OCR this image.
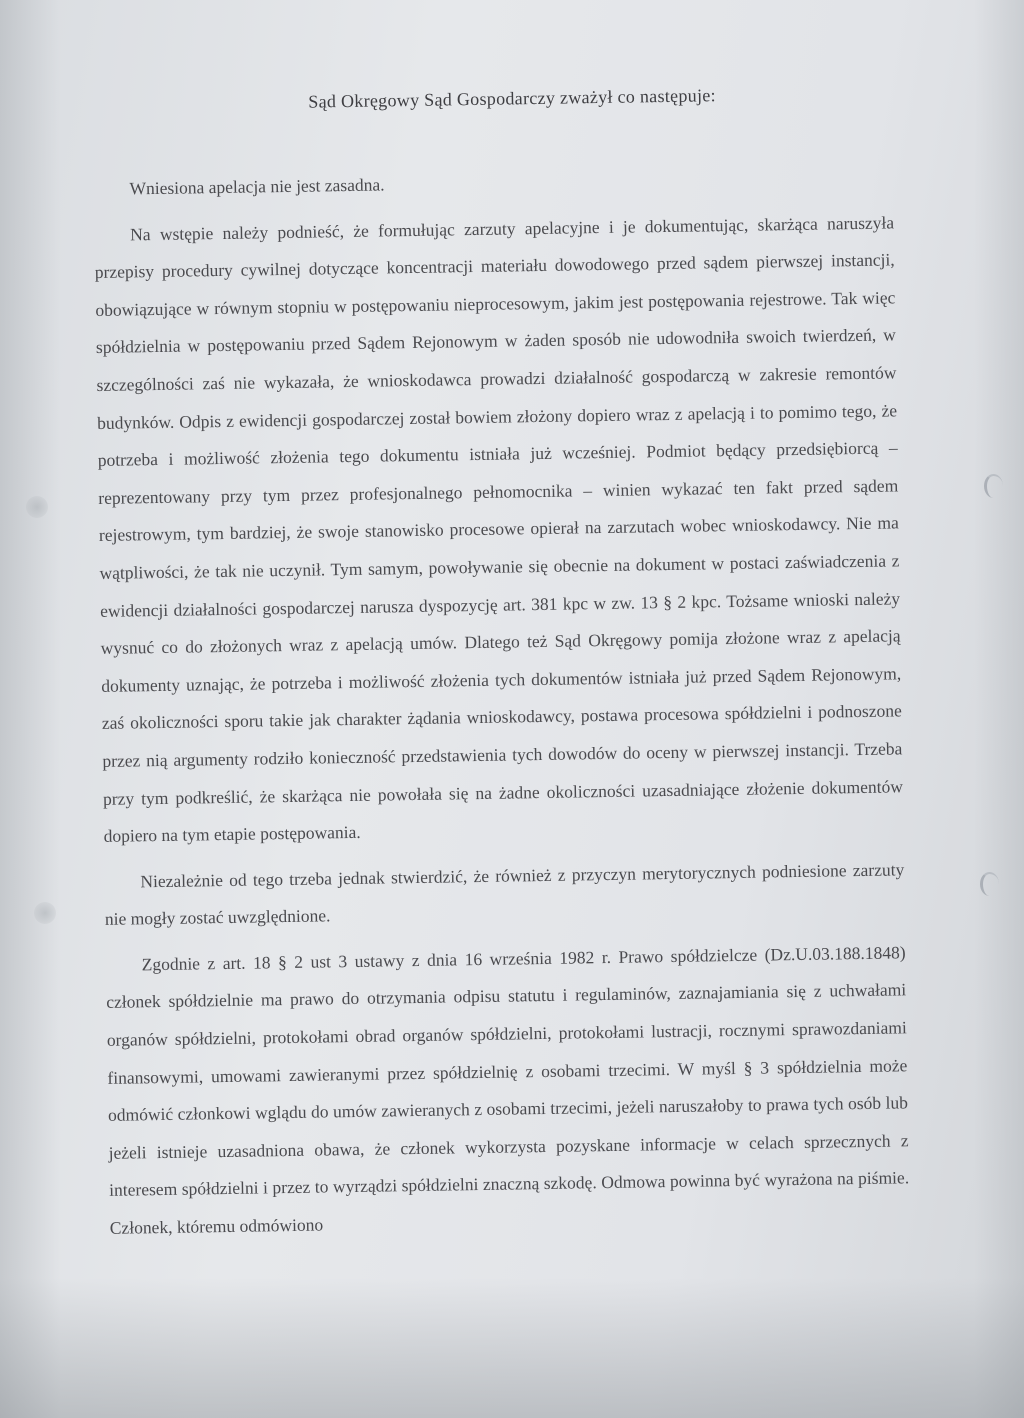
Sąd Okręgowy Sąd Gospodarczy zważył co następuje:

Wniesiona apelacja nie jest zasadna.

Na wstępie należy podnieść, że formułując zarzuty apelacyjne i je dokumentując, skarżąca naruszyła przepisy procedury cywilnej dotyczące koncentracji materiału dowodowego przed sądem pierwszej instancji, obowiązujące w równym stopniu w postępowaniu nieprocesowym, jakim jest postępowania rejestrowe. Tak więc spółdzielnia w postępowaniu przed Sądem Rejonowym w żaden sposób nie udowodniła swoich twierdzeń, w szczególności zaś nie wykazała, że wnioskodawca prowadzi działalność gospodarczą w zakresie remontów budynków. Odpis z ewidencji gospodarczej został bowiem złożony dopiero wraz z apelacją i to pomimo tego, że potrzeba i możliwość złożenia tego dokumentu istniała już wcześniej. Podmiot będący przedsiębiorcą – reprezentowany przy tym przez profesjonalnego pełnomocnika – winien wykazać ten fakt przed sądem rejestrowym, tym bardziej, że swoje stanowisko procesowe opierał na zarzutach wobec wnioskodawcy. Nie ma wątpliwości, że tak nie uczynił. Tym samym, powoływanie się obecnie na dokument w postaci zaświadczenia z ewidencji działalności gospodarczej narusza dyspozycję art. 381 kpc w zw. 13 § 2 kpc. Tożsame wnioski należy wysnuć co do złożonych wraz z apelacją umów. Dlatego też Sąd Okręgowy pomija złożone wraz z apelacją dokumenty uznając, że potrzeba i możliwość złożenia tych dokumentów istniała już przed Sądem Rejonowym, zaś okoliczności sporu takie jak charakter żądania wnioskodawcy, postawa procesowa spółdzielni i podnoszone przez nią argumenty rodziło konieczność przedstawienia tych dowodów do oceny w pierwszej instancji. Trzeba przy tym podkreślić, że skarżąca nie powołała się na żadne okoliczności uzasadniające złożenie dokumentów dopiero na tym etapie postępowania.

Niezależnie od tego trzeba jednak stwierdzić, że również z przyczyn merytorycznych podniesione zarzuty nie mogły zostać uwzględnione.

Zgodnie z art. 18 § 2 ust 3 ustawy z dnia 16 września 1982 r. Prawo spółdzielcze (Dz.U.03.188.1848) członek spółdzielnie ma prawo do otrzymania odpisu statutu i regulaminów, zaznajamiania się z uchwałami organów spółdzielni, protokołami obrad organów spółdzielni, protokołami lustracji, rocznymi sprawozdaniami finansowymi, umowami zawieranymi przez spółdzielnię z osobami trzecimi. W myśl § 3 spółdzielnia może odmówić członkowi wglądu do umów zawieranych z osobami trzecimi, jeżeli naruszałoby to prawa tych osób lub jeżeli istnieje uzasadniona obawa, że członek wykorzysta pozyskane informacje w celach sprzecznych z interesem spółdzielni i przez to wyrządzi spółdzielni znaczną szkodę. Odmowa powinna być wyrażona na piśmie. Członek, któremu odmówiono
